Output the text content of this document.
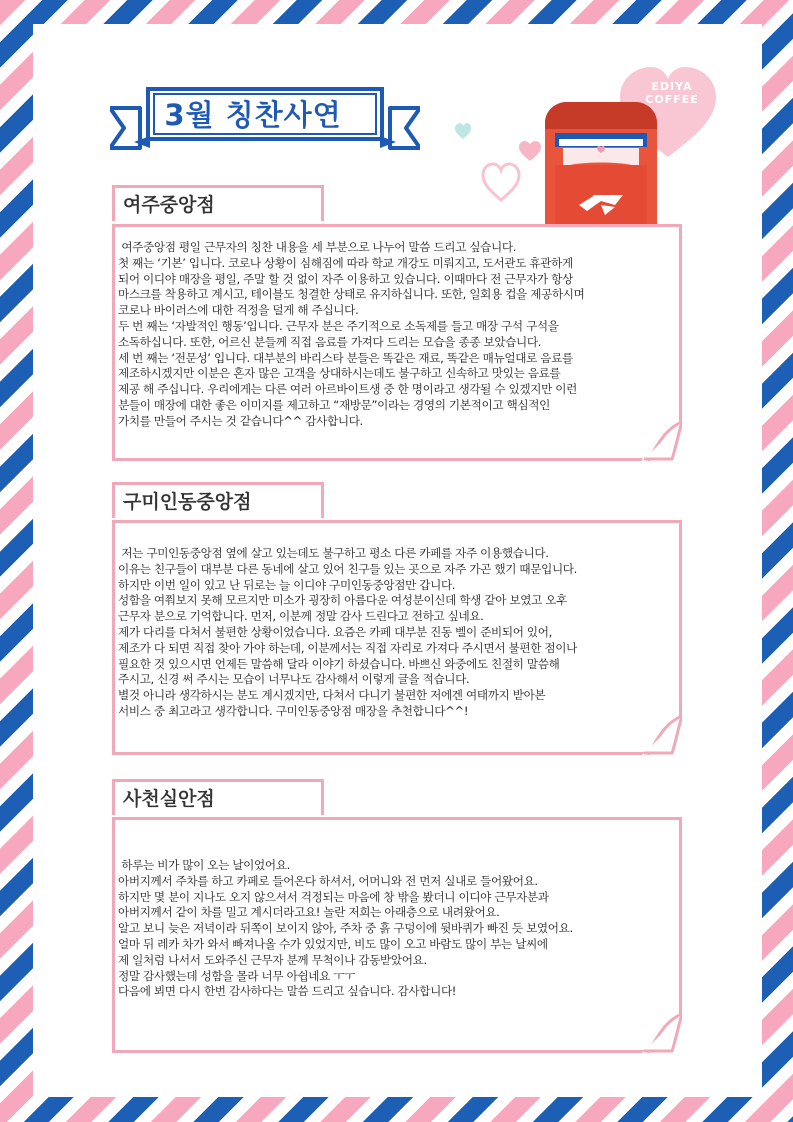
3월 칭찬사연
EDIYA
COFFEE
여주중앙점
여주중앙점 평일 근무자의 칭찬 내용을 세 부분으로 나누어 말씀 드리고 싶습니다.
첫 째는 ‘기본’ 입니다. 코로나 상황이 심해짐에 따라 학교 개강도 미뤄지고, 도서관도 휴관하게
되어 이디야 매장을 평일, 주말 할 것 없이 자주 이용하고 있습니다. 이때마다 전 근무자가 항상
마스크를 착용하고 계시고, 테이블도 청결한 상태로 유지하십니다. 또한, 일회용 컵을 제공하시며
코로나 바이러스에 대한 걱정을 덜게 해 주십니다.
두 번 째는 ‘자발적인 행동’입니다. 근무자 분은 주기적으로 소독제를 들고 매장 구석 구석을
소독하십니다. 또한, 어르신 분들께 직접 음료를 가져다 드리는 모습을 종종 보았습니다.
세 번 째는 ‘전문성’ 입니다. 대부분의 바리스타 분들은 똑같은 재료, 똑같은 매뉴얼대로 음료를
제조하시겠지만 이분은 혼자 많은 고객을 상대하시는데도 불구하고 신속하고 맛있는 음료를
제공 해 주십니다. 우리에게는 다른 여러 아르바이트생 중 한 명이라고 생각될 수 있겠지만 이런
분들이 매장에 대한 좋은 이미지를 제고하고 “재방문”이라는 경영의 기본적이고 핵심적인
가치를 만들어 주시는 것 같습니다^^ 감사합니다.
구미인동중앙점
저는 구미인동중앙점 옆에 살고 있는데도 불구하고 평소 다른 카페를 자주 이용했습니다.
이유는 친구들이 대부분 다른 동네에 살고 있어 친구들 있는 곳으로 자주 가곤 했기 때문입니다.
하지만 이번 일이 있고 난 뒤로는 늘 이디야 구미인동중앙점만 갑니다.
성함을 여쭤보지 못해 모르지만 미소가 굉장히 아름다운 여성분이신데 학생 같아 보였고 오후
근무자 분으로 기억합니다. 먼저, 이분께 정말 감사 드린다고 전하고 싶네요.
제가 다리를 다쳐서 불편한 상황이었습니다. 요즘은 카페 대부분 진동 벨이 준비되어 있어,
제조가 다 되면 직접 찾아 가야 하는데, 이분께서는 직접 자리로 가져다 주시면서 불편한 점이나
필요한 것 있으시면 언제든 말씀해 달라 이야기 하셨습니다. 바쁘신 와중에도 친절히 말씀해
주시고, 신경 써 주시는 모습이 너무나도 감사해서 이렇게 글을 적습니다.
별것 아니라 생각하시는 분도 계시겠지만, 다쳐서 다니기 불편한 저에겐 여태까지 받아본
서비스 중 최고라고 생각합니다. 구미인동중앙점 매장을 추천합니다^^!
사천실안점
하루는 비가 많이 오는 날이었어요.
아버지께서 주차를 하고 카페로 들어온다 하셔서, 어머니와 전 먼저 실내로 들어왔어요.
하지만 몇 분이 지나도 오지 않으셔서 걱정되는 마음에 창 밖을 봤더니 이디야 근무자분과
아버지께서 같이 차를 밀고 계시더라고요! 놀란 저희는 아래층으로 내려왔어요.
알고 보니 늦은 저녁이라 뒤쪽이 보이지 않아, 주차 중 흙 구덩이에 뒷바퀴가 빠진 듯 보였어요.
얼마 뒤 레카 차가 와서 빠져나올 수가 있었지만, 비도 많이 오고 바람도 많이 부는 날씨에
제 일처럼 나서서 도와주신 근무자 분께 무척이나 감동받았어요.
정말 감사했는데 성함을 몰라 너무 아쉽네요 ㅜㅜ
다음에 뵈면 다시 한번 감사하다는 말씀 드리고 싶습니다. 감사합니다!
